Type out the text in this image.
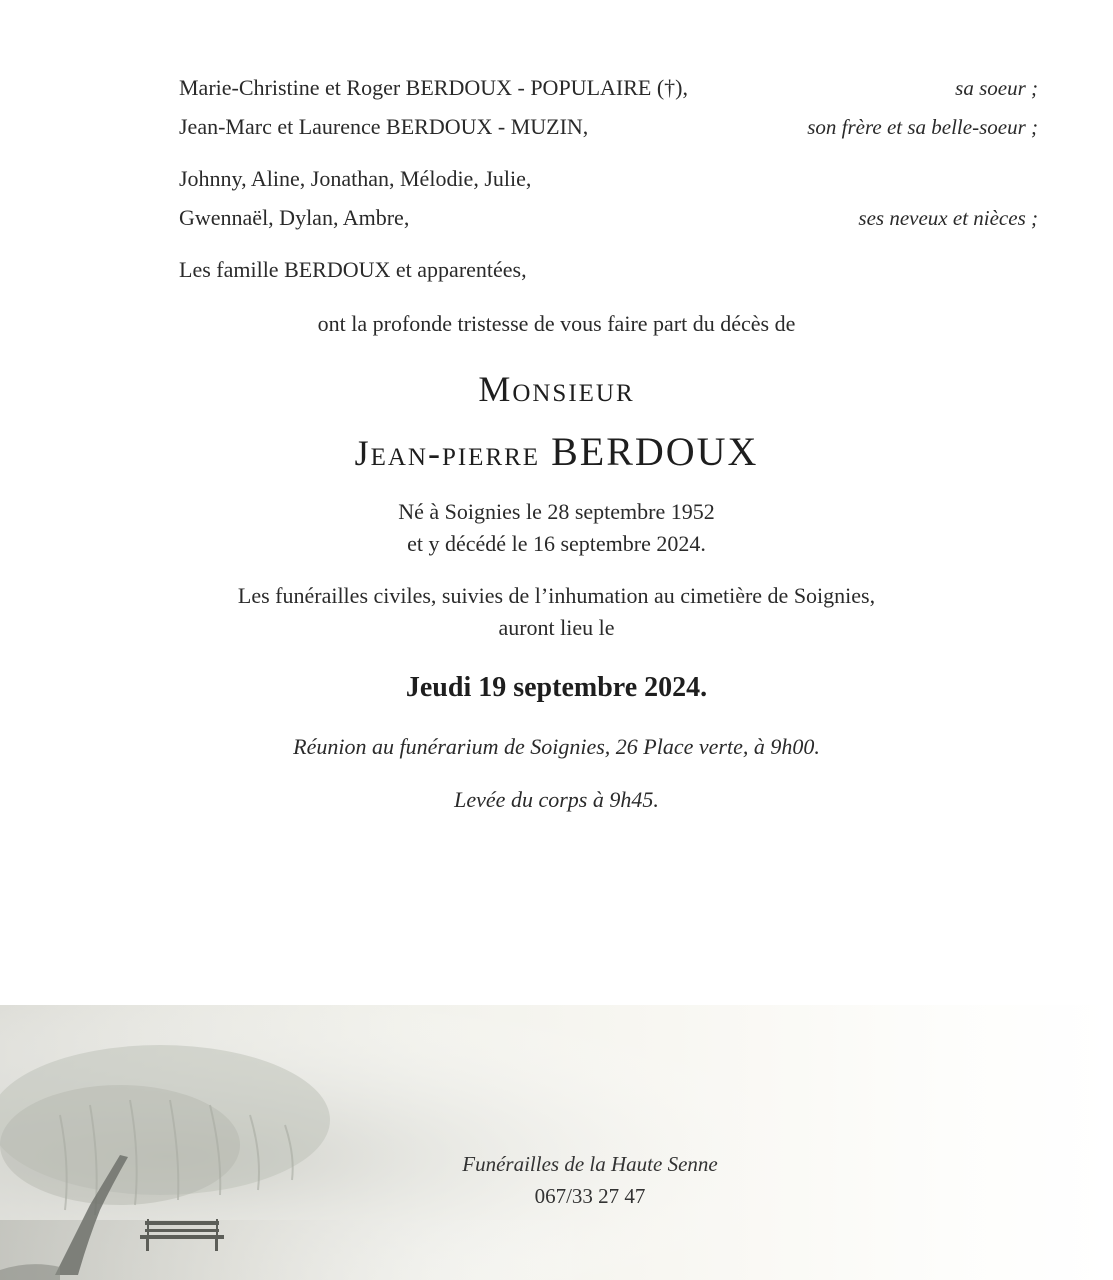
Marie-Christine et Roger BERDOUX - POPULAIRE (†),	sa soeur ;
Jean-Marc et Laurence BERDOUX - MUZIN,	son frère et sa belle-soeur ;
Johnny, Aline, Jonathan, Mélodie, Julie,
Gwennaël, Dylan, Ambre,	ses neveux et nièces ;
Les famille BERDOUX et apparentées,
ont la profonde tristesse de vous faire part du décès de
Monsieur
Jean-pierre BERDOUX
Né à Soignies le 28 septembre 1952
et y décédé le 16 septembre 2024.
Les funérailles civiles, suivies de l’inhumation au cimetière de Soignies,
auront lieu le
Jeudi 19 septembre 2024.
Réunion au funérarium de Soignies, 26 Place verte, à 9h00.
Levée du corps à 9h45.
Funérailles de la Haute Senne
067/33 27 47
